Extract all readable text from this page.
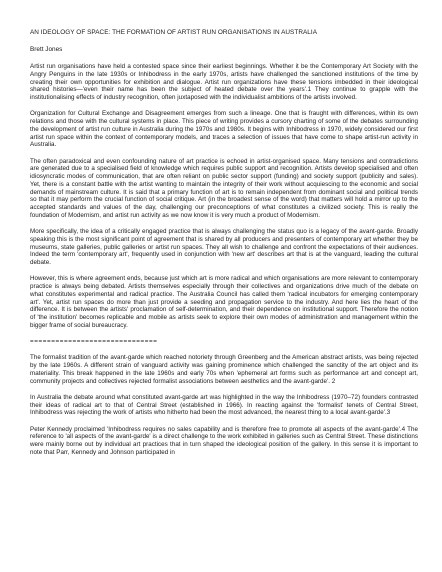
AN IDEOLOGY OF SPACE: THE FORMATION OF ARTIST RUN ORGANISATIONS IN AUSTRALIA
Brett Jones

Artist run organisations have held a contested space since their earliest beginnings. Whether it be the Contemporary Art Society with the Angry Penguins in the late 1930s or Inhibodress in the early 1970s, artists have challenged the sanctioned institutions of the time by creating their own opportunities for exhibition and dialogue. Artist run organizations have these tensions imbedded in their ideological shared histories—'even their name has been the subject of heated debate over the years'.1 They continue to grapple with the institutionalising effects of industry recognition, often juxtaposed with the individualist ambitions of the artists involved.

Organization for Cultural Exchange and Disagreement emerges from such a lineage. One that is fraught with differences, within its own relations and those with the cultural systems in place. This piece of writing provides a cursory charting of some of the debates surrounding the development of artist run culture in Australia during the 1970s and 1980s. It begins with Inhibodress in 1970, widely considered our first artist run space within the context of contemporary models, and traces a selection of issues that have come to shape artist-run activity in Australia.

The often paradoxical and even confounding nature of art practice is echoed in artist-organised space. Many tensions and contradictions are generated due to a specialised field of knowledge which requires public support and recognition. Artists develop specialised and often idiosyncratic modes of communication, that are often reliant on public sector support (funding) and society support (publicity and sales). Yet, there is a constant battle with the artist wanting to maintain the integrity of their work without acquiescing to the economic and social demands of mainstream culture. It is said that a primary function of art is to remain independent from dominant social and political trends so that it may perform the crucial function of social critique. Art (in the broadest sense of the word) that matters will hold a mirror up to the accepted standards and values of the day, challenging our preconceptions of what constitutes a civilized society. This is really the foundation of Modernism, and artist run activity as we now know it is very much a product of Modernism.

More specifically, the idea of a critically engaged practice that is always challenging the status quo is a legacy of the avant-garde. Broadly speaking this is the most significant point of agreement that is shared by all producers and presenters of contemporary art whether they be museums, state galleries, public galleries or artist run spaces. They all wish to challenge and confront the expectations of their audiences. Indeed the term 'contemporary art', frequently used in conjunction with 'new art' describes art that is at the vanguard, leading the cultural debate.

However, this is where agreement ends, because just which art is more radical and which organisations are more relevant to contemporary practice is always being debated. Artists themselves especially through their collectives and organizations drive much of the debate on what constitutes experimental and radical practice. The Australia Council has called them 'radical incubators for emerging contemporary art'. Yet, artist run spaces do more than just provide a seeding and propagation service to the industry. And here lies the heart of the difference. It is between the artists' proclamation of self-determination, and their dependence on institutional support. Therefore the notion of 'the institution' becomes replicable and mobile as artists seek to explore their own modes of administration and management within the bigger frame of social bureaucracy.

==============================

The formalist tradition of the avant-garde which reached notoriety through Greenberg and the American abstract artists, was being rejected by the late 1960s. A different strain of vanguard activity was gaining prominence which challenged the sanctity of the art object and its materiality. This break happened in the late 1960s and early 70s when 'ephemeral art forms such as performance art and concept art, community projects and collectives rejected formalist associations between aesthetics and the avant-garde'. 2

In Australia the debate around what constituted avant-garde art was highlighted in the way the Inhibodress (1970–72) founders contrasted their ideas of radical art to that of Central Street (established in 1966). In reacting against the 'formalist' tenets of Central Street, Inhibodress was rejecting the work of artists who hitherto had been the most advanced, the nearest thing to a local avant-garde'.3

Peter Kennedy proclaimed 'Inhibodress requires no sales capability and is therefore free to promote all aspects of the avant-garde'.4 The reference to 'all aspects of the avant-garde' is a direct challenge to the work exhibited in galleries such as Central Street. These distinctions were mainly borne out by individual art practices that in turn shaped the ideological position of the gallery. In this sense it is important to note that Parr, Kennedy and Johnson participated in
